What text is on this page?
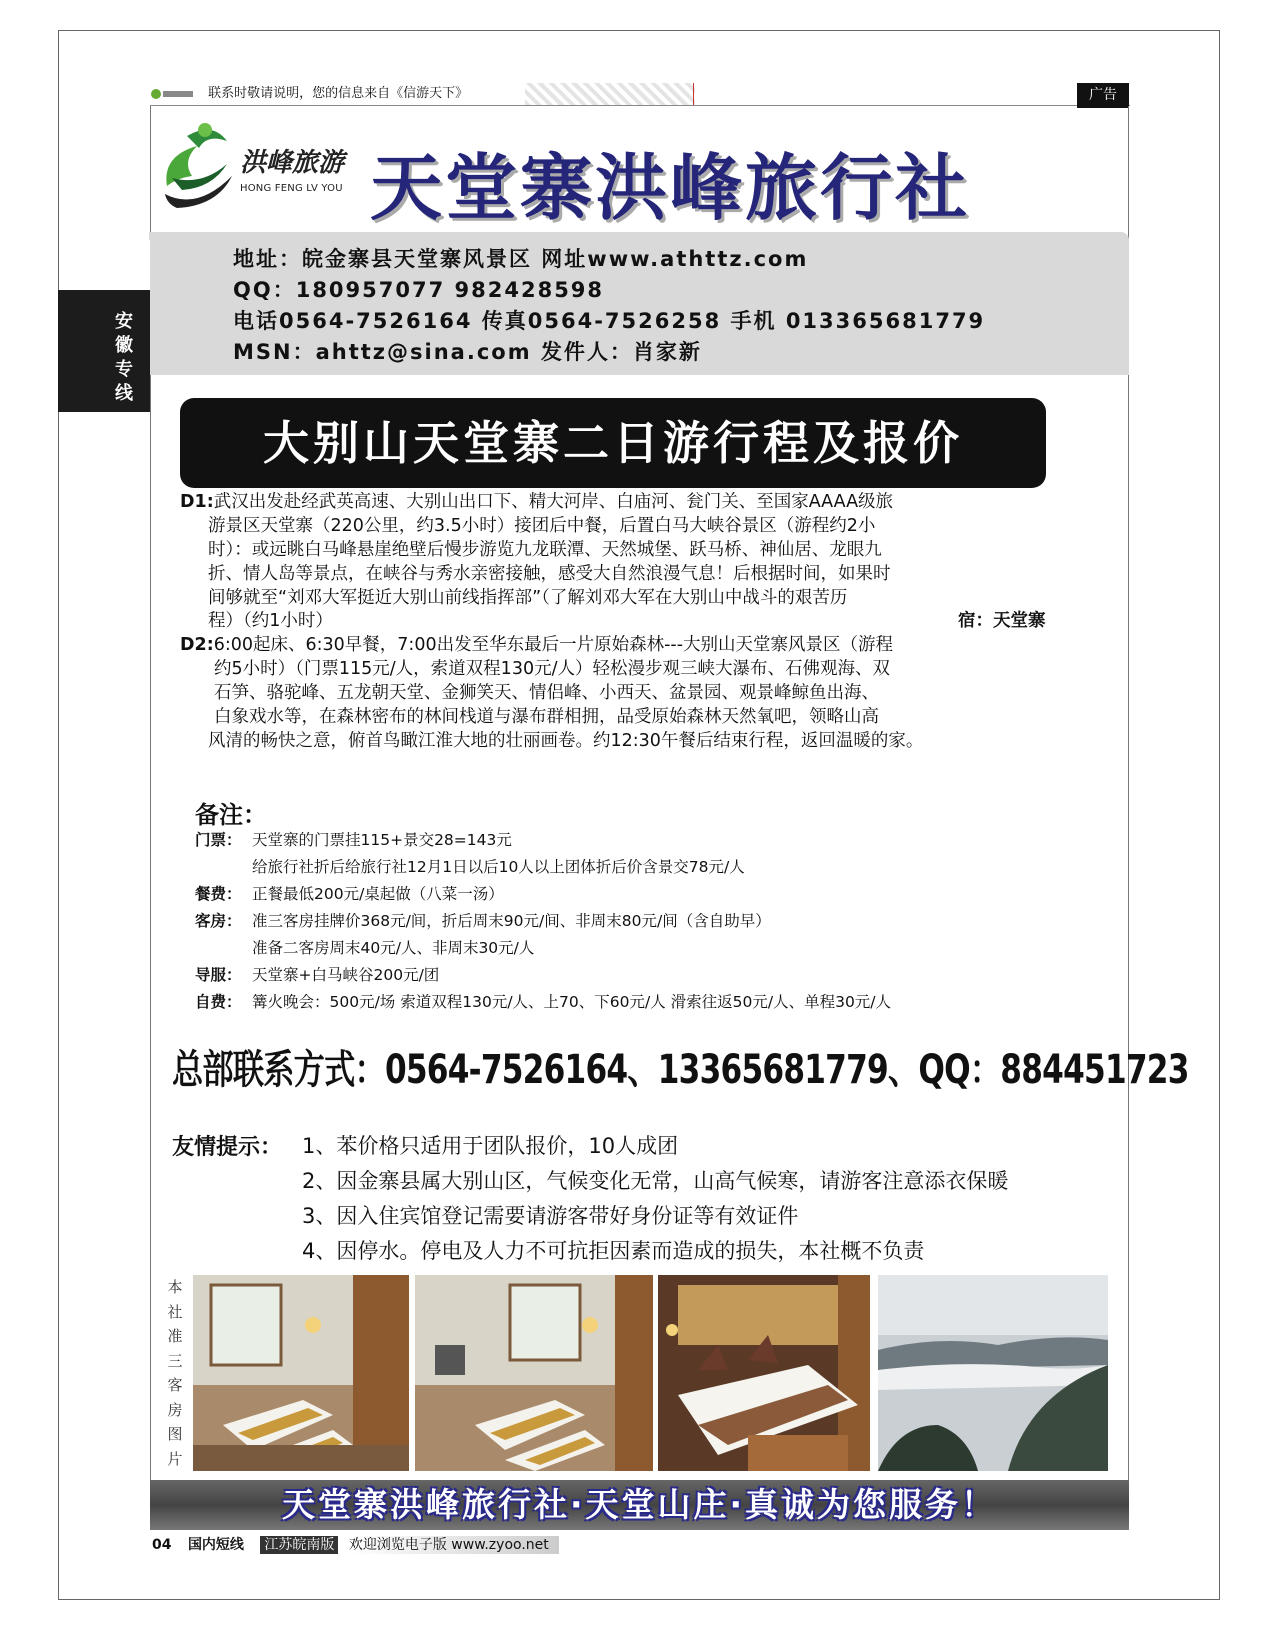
联系时敬请说明，您的信息来自《信游天下》	广告
安徽专线
洪峰旅游
HONG FENG LV YOU 天堂寨洪峰旅行社
地址：皖金寨县天堂寨风景区 网址www.athttz.com
QQ：180957077 982428598
电话0564-7526164 传真0564-7526258 手机 013365681779
MSN：ahttz@sina.com 发件人：肖家新
大别山天堂寨二日游行程及报价
D1:武汉出发赴经武英高速、大别山出口下、精大河岸、白庙河、瓮门关、至国家AAAA级旅
游景区天堂寨（220公里，约3.5小时）接团后中餐，后置白马大峡谷景区（游程约2小
时）：或远眺白马峰悬崖绝壁后慢步游览九龙联潭、天然城堡、跃马桥、神仙居、龙眼九
折、情人岛等景点，在峡谷与秀水亲密接触，感受大自然浪漫气息！后根据时间，如果时
间够就至“刘邓大军挺近大别山前线指挥部”（了解刘邓大军在大别山中战斗的艰苦历
程）（约1小时）	宿：天堂寨
D2:6:00起床、6:30早餐，7:00出发至华东最后一片原始森林---大别山天堂寨风景区（游程
约5小时）（门票115元/人，索道双程130元/人）轻松漫步观三峡大瀑布、石佛观海、双
石笋、骆驼峰、五龙朝天堂、金狮笑天、情侣峰、小西天、盆景园、观景峰鲸鱼出海、
白象戏水等，在森林密布的林间栈道与瀑布群相拥，品受原始森林天然氧吧，领略山高
风清的畅快之意，俯首鸟瞰江淮大地的壮丽画卷。约12:30午餐后结束行程，返回温暖的家。
备注：
门票： 天堂寨的门票挂115+景交28=143元
给旅行社折后给旅行社12月1日以后10人以上团体折后价含景交78元/人
餐费： 正餐最低200元/桌起做（八菜一汤）
客房： 准三客房挂牌价368元/间，折后周末90元/间、非周末80元/间（含自助早）
准备二客房周末40元/人、非周末30元/人
导服： 天堂寨+白马峡谷200元/团
自费： 篝火晚会：500元/场 索道双程130元/人、上70、下60元/人 滑索往返50元/人、单程30元/人
总部联系方式：0564-7526164、13365681779、QQ：884451723
友情提示： 1、苯价格只适用于团队报价，10人成团
2、因金寨县属大别山区，气候变化无常，山高气候寒，请游客注意添衣保暖
3、因入住宾馆登记需要请游客带好身份证等有效证件
4、因停水。停电及人力不可抗拒因素而造成的损失，本社概不负责
本社准三客房图片
天堂寨洪峰旅行社·天堂山庄·真诚为您服务！
04 国内短线 江苏皖南版 欢迎浏览电子版 www.zyoo.net
